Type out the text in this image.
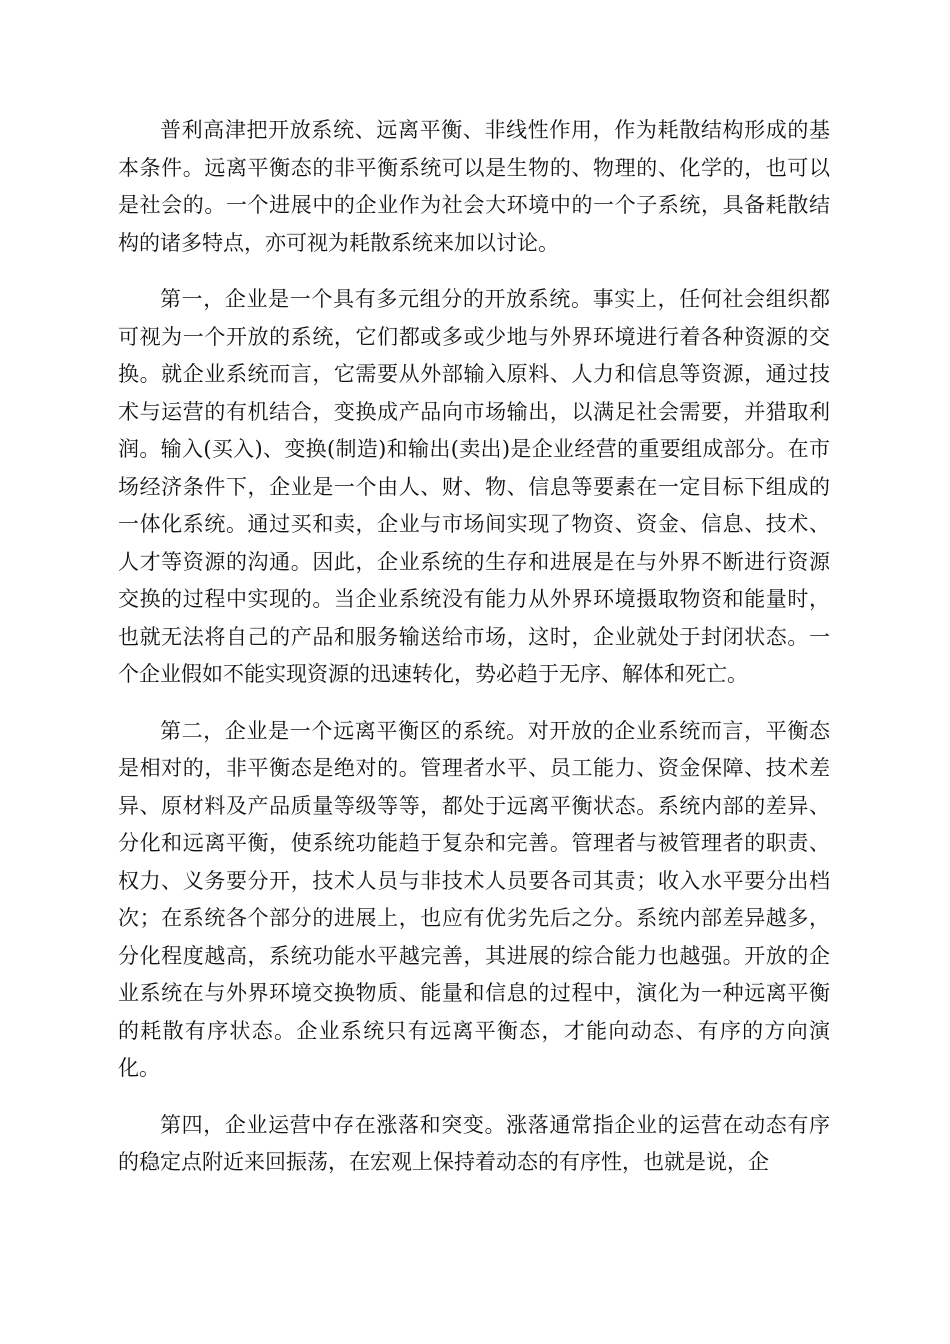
普利高津把开放系统、远离平衡、非线性作用，作为耗散结构形成的基本条件。远离平衡态的非平衡系统可以是生物的、物理的、化学的，也可以是社会的。一个进展中的企业作为社会大环境中的一个子系统，具备耗散结构的诸多特点，亦可视为耗散系统来加以讨论。

第一，企业是一个具有多元组分的开放系统。事实上，任何社会组织都可视为一个开放的系统，它们都或多或少地与外界环境进行着各种资源的交换。就企业系统而言，它需要从外部输入原料、人力和信息等资源，通过技术与运营的有机结合，变换成产品向市场输出，以满足社会需要，并猎取利润。输入(买入)、变换(制造)和输出(卖出)是企业经营的重要组成部分。在市场经济条件下，企业是一个由人、财、物、信息等要素在一定目标下组成的一体化系统。通过买和卖，企业与市场间实现了物资、资金、信息、技术、人才等资源的沟通。因此，企业系统的生存和进展是在与外界不断进行资源交换的过程中实现的。当企业系统没有能力从外界环境摄取物资和能量时，也就无法将自己的产品和服务输送给市场，这时，企业就处于封闭状态。一个企业假如不能实现资源的迅速转化，势必趋于无序、解体和死亡。

第二，企业是一个远离平衡区的系统。对开放的企业系统而言，平衡态是相对的，非平衡态是绝对的。管理者水平、员工能力、资金保障、技术差异、原材料及产品质量等级等等，都处于远离平衡状态。系统内部的差异、分化和远离平衡，使系统功能趋于复杂和完善。管理者与被管理者的职责、权力、义务要分开，技术人员与非技术人员要各司其责；收入水平要分出档次；在系统各个部分的进展上，也应有优劣先后之分。系统内部差异越多，分化程度越高，系统功能水平越完善，其进展的综合能力也越强。开放的企业系统在与外界环境交换物质、能量和信息的过程中，演化为一种远离平衡的耗散有序状态。企业系统只有远离平衡态，才能向动态、有序的方向演化。

第四，企业运营中存在涨落和突变。涨落通常指企业的运营在动态有序的稳定点附近来回振荡，在宏观上保持着动态的有序性，也就是说，企
